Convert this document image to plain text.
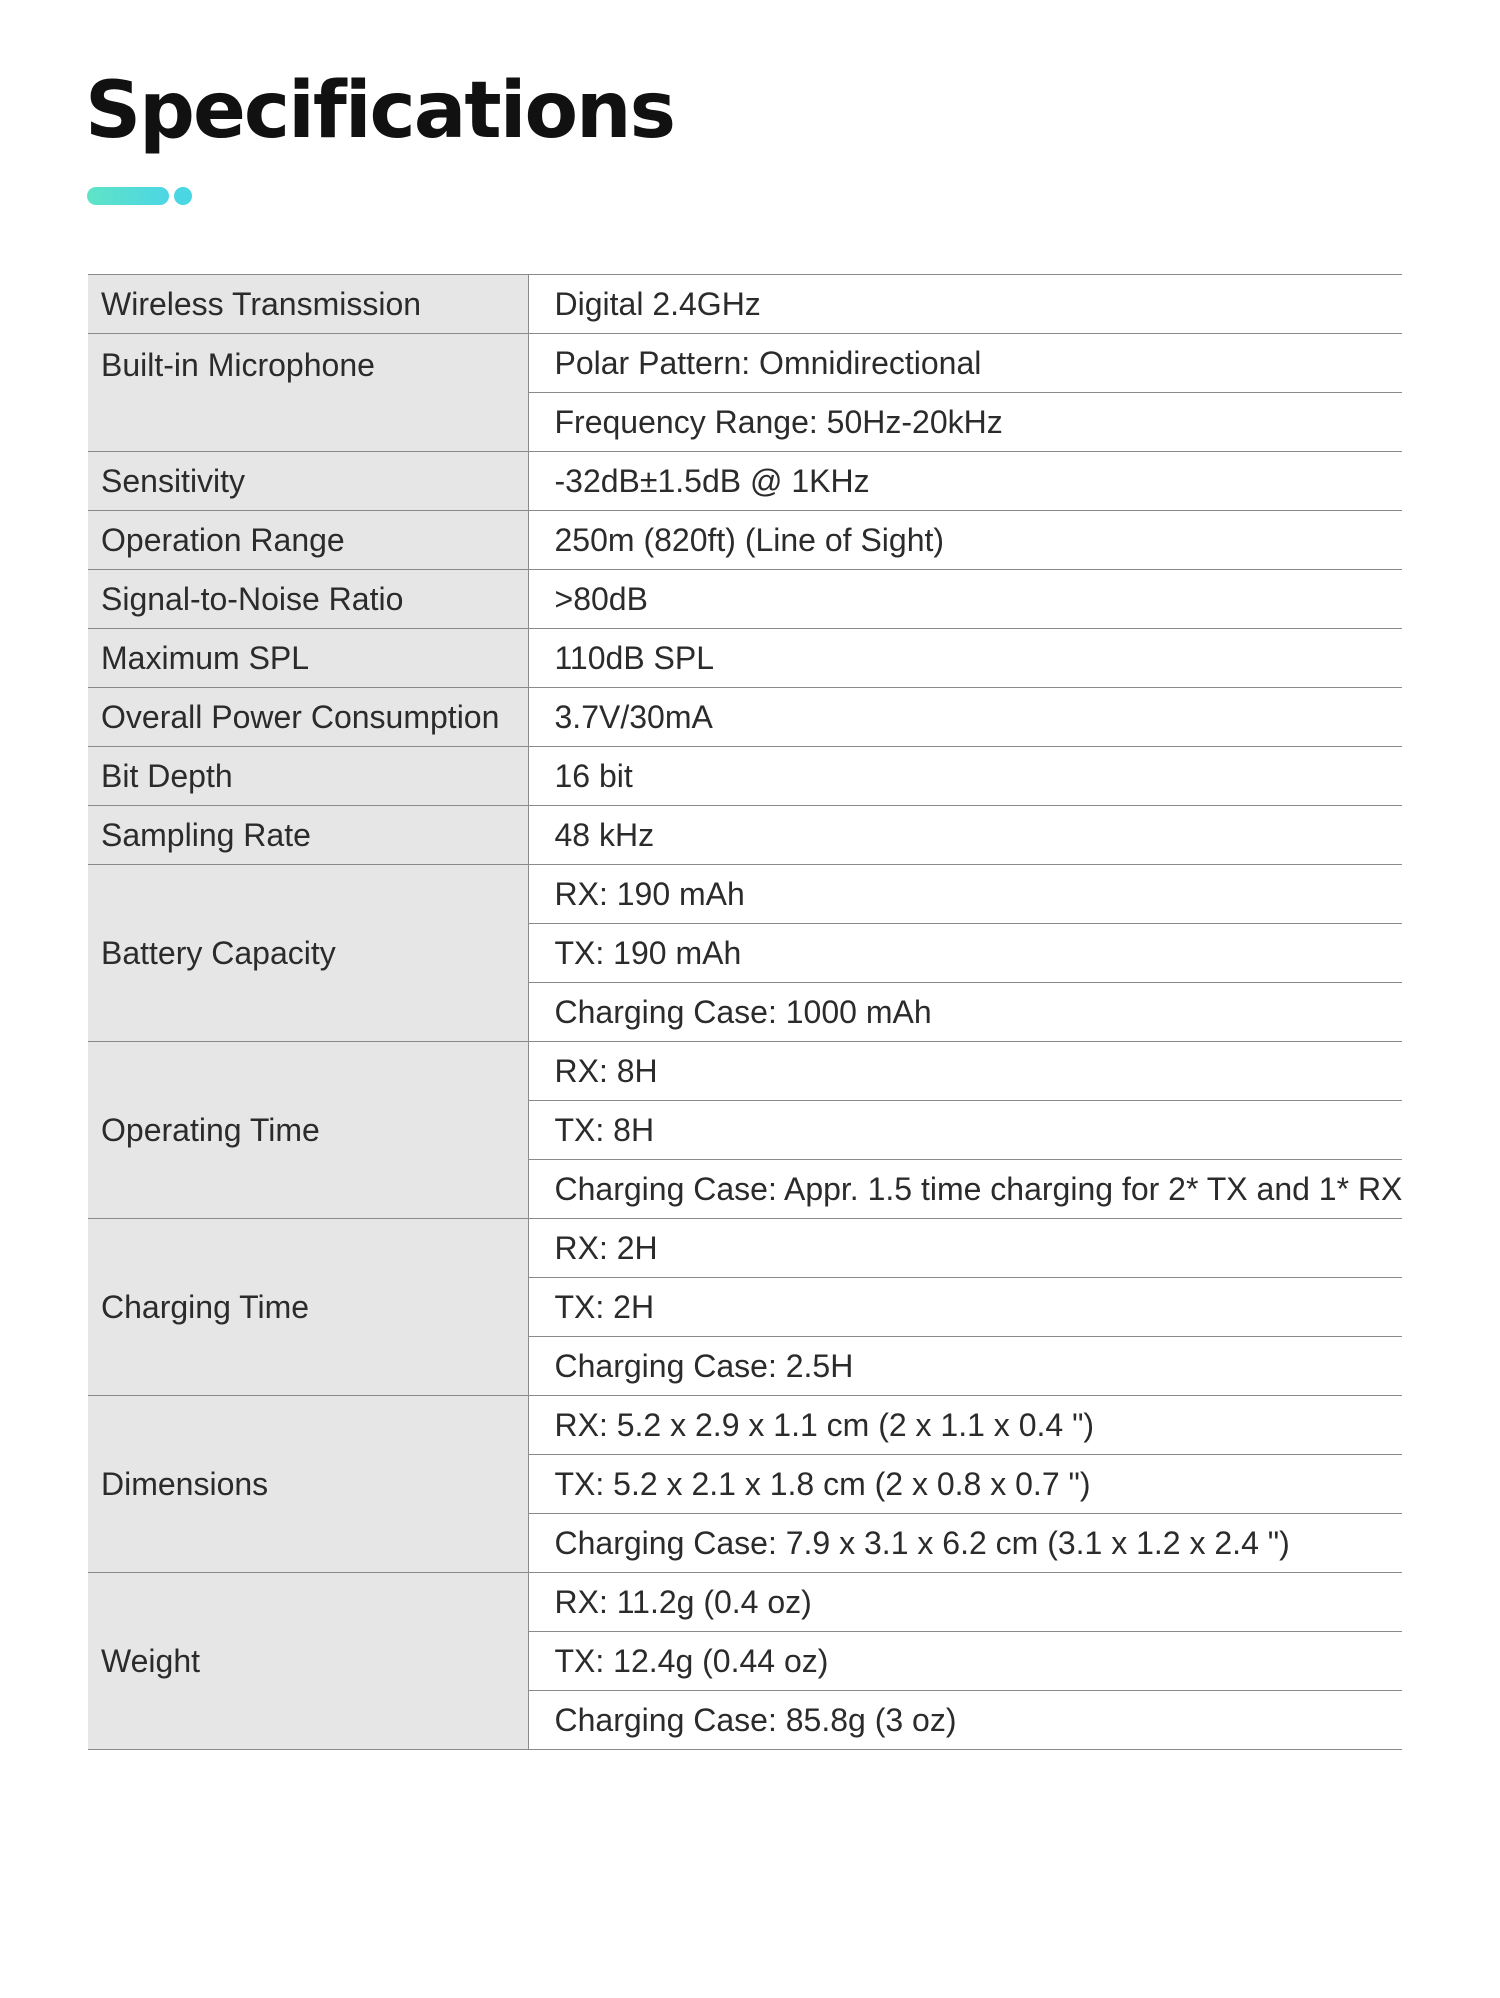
Specifications
Wireless Transmission	Digital 2.4GHz
Built-in Microphone	Polar Pattern: Omnidirectional
	Frequency Range: 50Hz-20kHz
Sensitivity	-32dB±1.5dB @ 1KHz
Operation Range	250m (820ft) (Line of Sight)
Signal-to-Noise Ratio	>80dB
Maximum SPL	110dB SPL
Overall Power Consumption	3.7V/30mA
Bit Depth	16 bit
Sampling Rate	48 kHz
Battery Capacity	RX: 190 mAh
	TX: 190 mAh
	Charging Case: 1000 mAh
Operating Time	RX: 8H
	TX: 8H
	Charging Case: Appr. 1.5 time charging for 2* TX and 1* RX
Charging Time	RX: 2H
	TX: 2H
	Charging Case: 2.5H
Dimensions	RX: 5.2 x 2.9 x 1.1 cm (2 x 1.1 x 0.4 ")
	TX: 5.2 x 2.1 x 1.8 cm (2 x 0.8 x 0.7 ")
	Charging Case: 7.9 x 3.1 x 6.2 cm (3.1 x 1.2 x 2.4 ")
Weight	RX: 11.2g (0.4 oz)
	TX: 12.4g (0.44 oz)
	Charging Case: 85.8g (3 oz)
